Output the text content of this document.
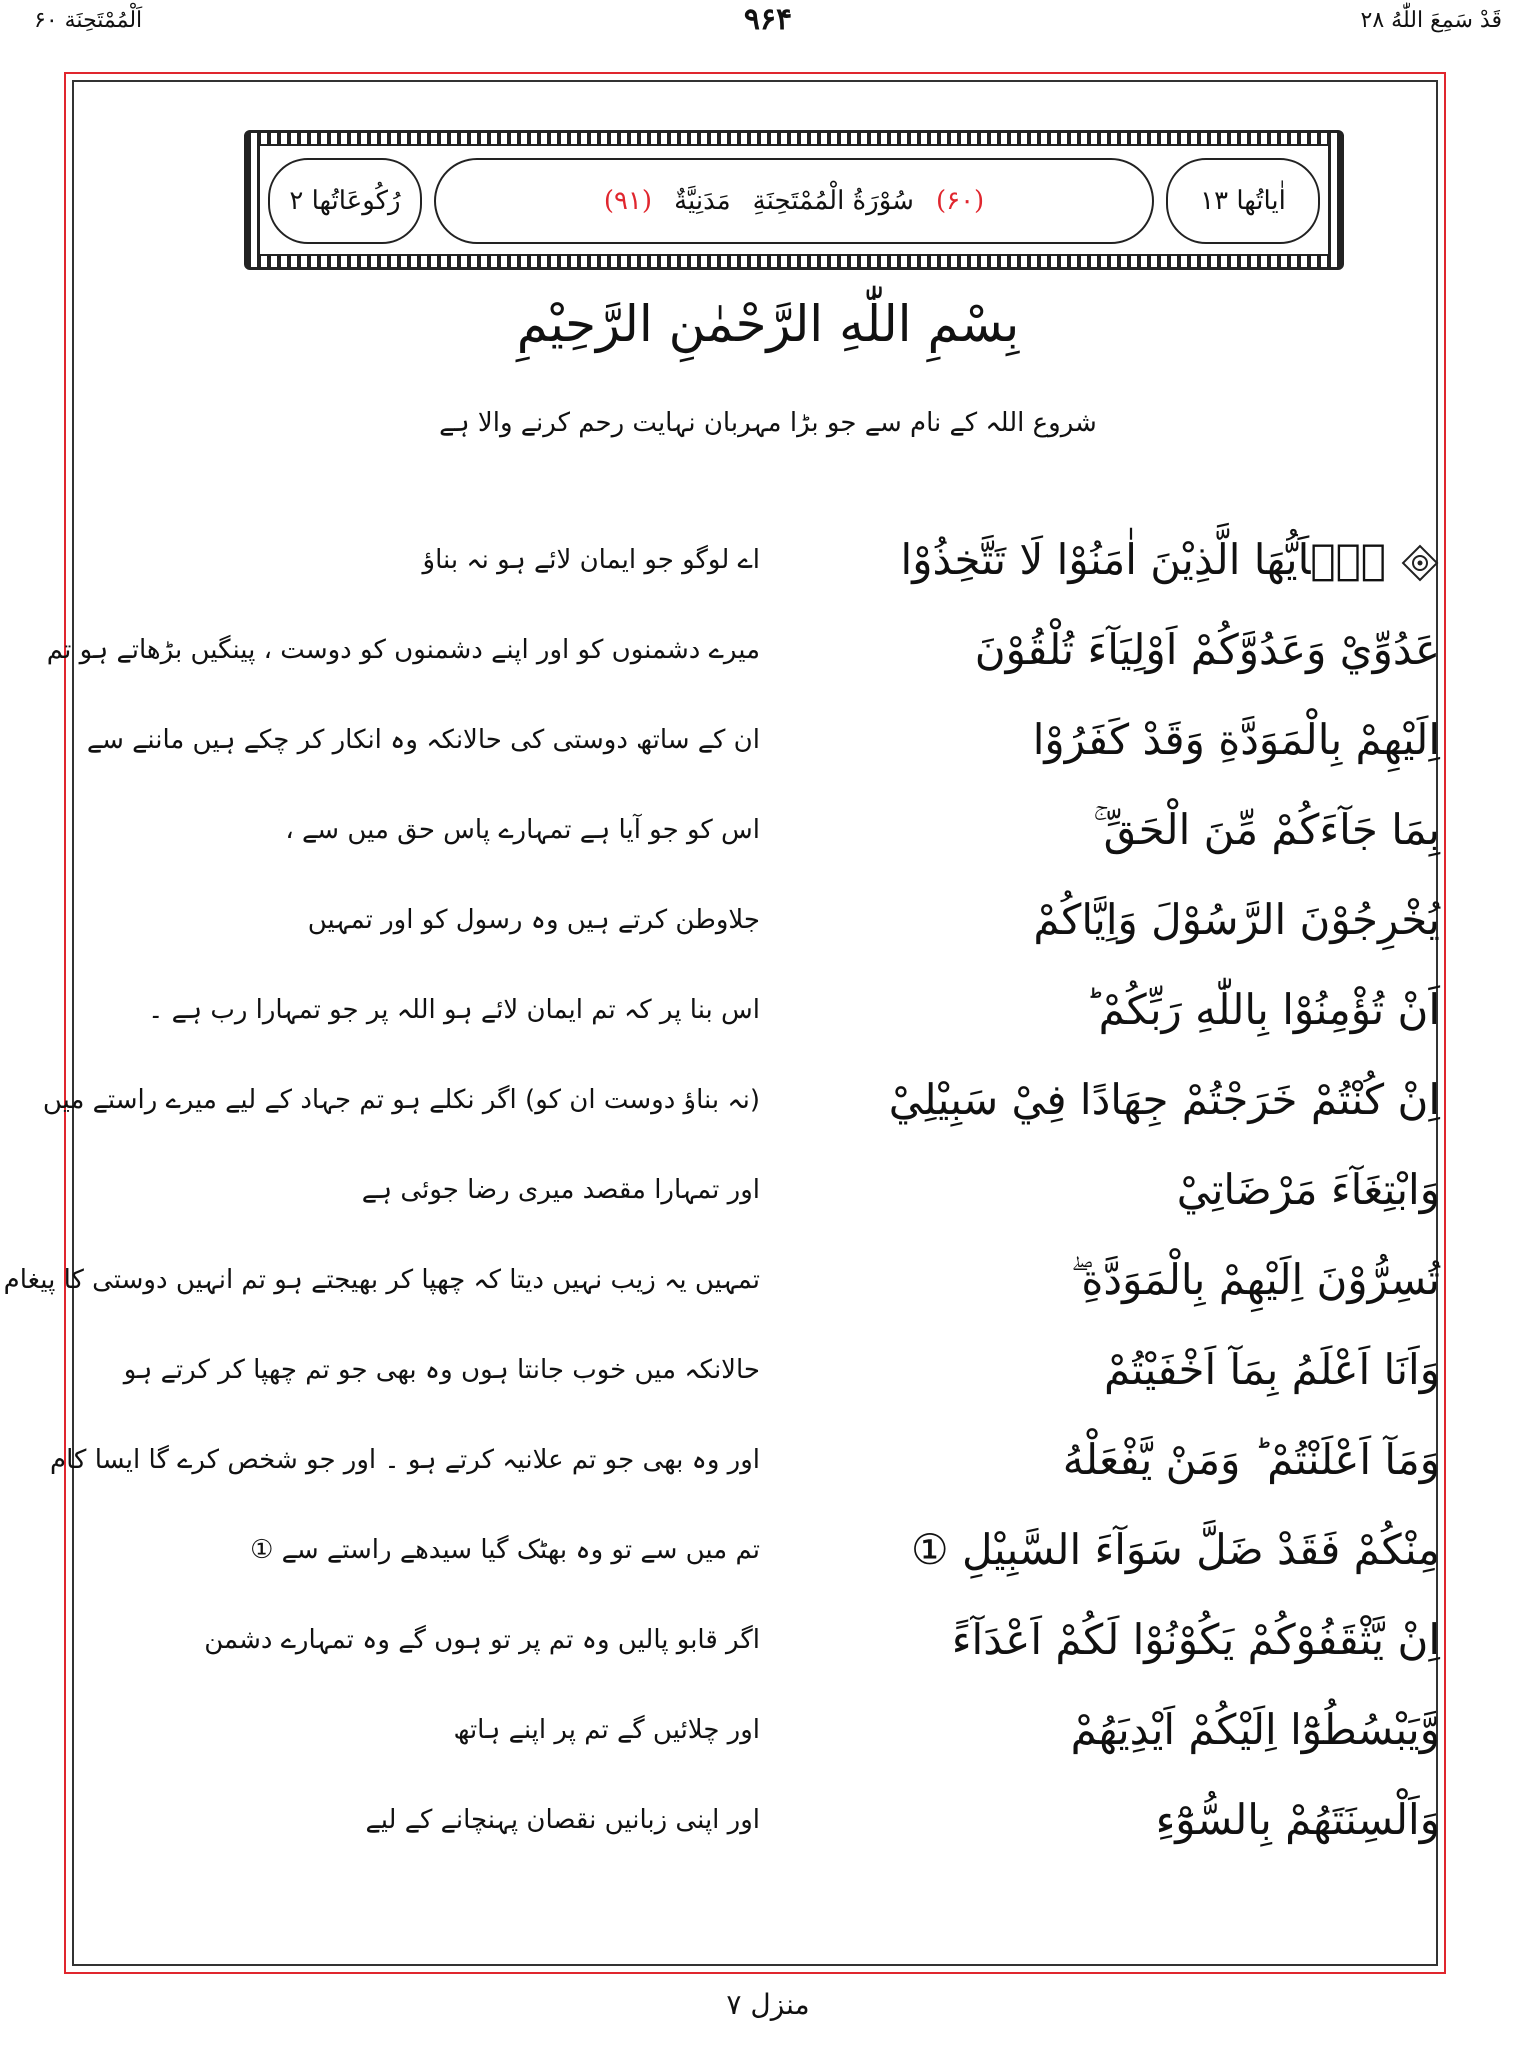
قَدْ سَمِعَ اللّٰهُ ۲۸
۹۶۴
اَلْمُمْتَحِنَة ۶۰
اٰیاتُھا ۱۳
(۶۰)
سُوْرَةُ الْمُمْتَحِنَةِ
مَدَنِيَّةٌ
(۹۱)
رُکُوعَاتُھا ۲
بِسْمِ اللّٰهِ الرَّحْمٰنِ الرَّحِيْمِ
شروع اللہ کے نام سے جو بڑا مہربان نہایت رحم کرنے والا ہے
يٰۤاَيُّهَا الَّذِيْنَ اٰمَنُوْا لَا تَتَّخِذُوْا
اے لوگو جو ایمان لائے ہو نہ بناؤ
عَدُوِّيْ وَعَدُوَّكُمْ اَوْلِيَآءَ تُلْقُوْنَ
میرے دشمنوں کو اور اپنے دشمنوں کو دوست ، پینگیں بڑھاتے ہو تم
اِلَيْهِمْ بِالْمَوَدَّةِ وَقَدْ كَفَرُوْا
ان کے ساتھ دوستی کی حالانکہ وہ انکار کر چکے ہیں ماننے سے
بِمَا جَآءَكُمْ مِّنَ الْحَقِّ ۚ
اس کو جو آیا ہے تمہارے پاس حق میں سے ،
يُخْرِجُوْنَ الرَّسُوْلَ وَاِيَّاكُمْ
جلاوطن کرتے ہیں وہ رسول کو اور تمہیں
اَنْ تُؤْمِنُوْا بِاللّٰهِ رَبِّكُمْ ؕ
اس بنا پر کہ تم ایمان لائے ہو اللہ پر جو تمہارا رب ہے ۔
اِنْ كُنْتُمْ خَرَجْتُمْ جِهَادًا فِيْ سَبِيْلِيْ
(نہ بناؤ دوست ان کو) اگر نکلے ہو تم جہاد کے لیے میرے راستے میں
وَابْتِغَآءَ مَرْضَاتِيْ
اور تمہارا مقصد میری رضا جوئی ہے
تُسِرُّوْنَ اِلَيْهِمْ بِالْمَوَدَّةِ ۖ
تمہیں یہ زیب نہیں دیتا کہ چھپا کر بھیجتے ہو تم انہیں دوستی کا پیغام
وَاَنَا اَعْلَمُ بِمَآ اَخْفَيْتُمْ
حالانکہ میں خوب جانتا ہوں وہ بھی جو تم چھپا کر کرتے ہو
وَمَآ اَعْلَنْتُمْ ؕ وَمَنْ يَّفْعَلْهُ
اور وہ بھی جو تم علانیہ کرتے ہو ۔ اور جو شخص کرے گا ایسا کام
مِنْكُمْ فَقَدْ ضَلَّ سَوَآءَ السَّبِيْلِ ①
تم میں سے تو وہ بھٹک گیا سیدھے راستے سے ①
اِنْ يَّثْقَفُوْكُمْ يَكُوْنُوْا لَكُمْ اَعْدَآءً
اگر قابو پالیں وہ تم پر تو ہوں گے وہ تمہارے دشمن
وَّيَبْسُطُوْٓا اِلَيْكُمْ اَيْدِيَهُمْ
اور چلائیں گے تم پر اپنے ہاتھ
وَاَلْسِنَتَهُمْ بِالسُّوْٓءِ
اور اپنی زبانیں نقصان پہنچانے کے لیے
منزل ۷
